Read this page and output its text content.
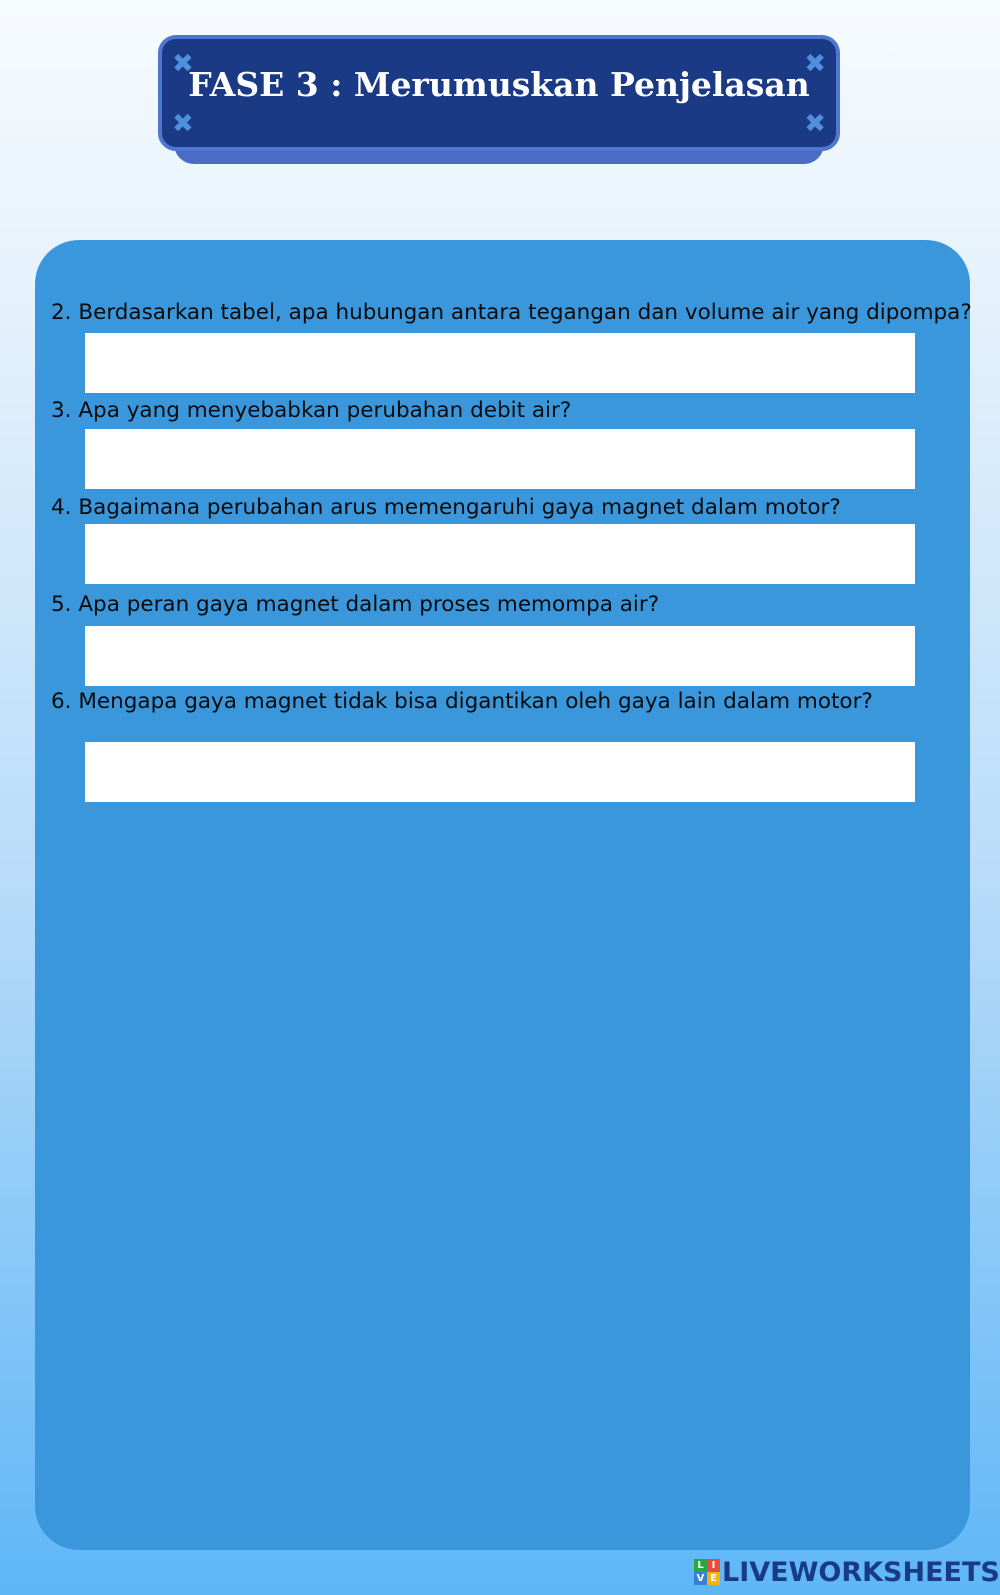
✖	✖
✖	✖
FASE 3 : Merumuskan Penjelasan
2. Berdasarkan tabel, apa hubungan antara tegangan dan volume air yang dipompa?
3. Apa yang menyebabkan perubahan debit air?
4. Bagaimana perubahan arus memengaruhi gaya magnet dalam motor?
5. Apa peran gaya magnet dalam proses memompa air?
6. Mengapa gaya magnet tidak bisa digantikan oleh gaya lain dalam motor?
L I
V E LIVEWORKSHEETS
